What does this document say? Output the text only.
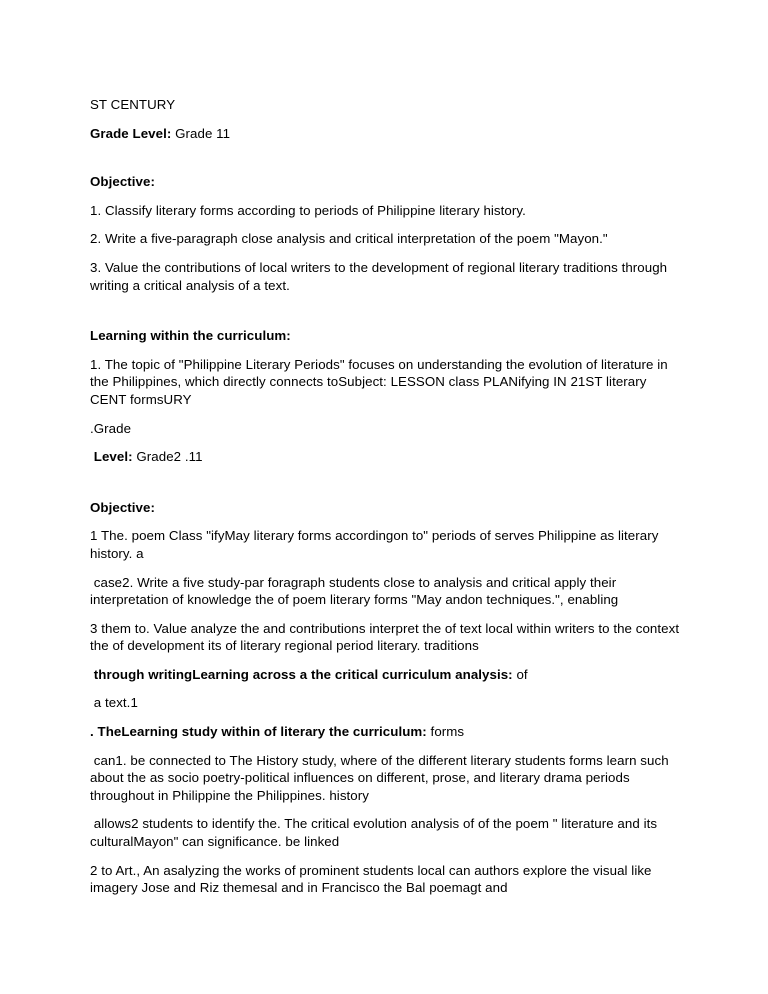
ST CENTURY

Grade Level: Grade 11

Objective:

1. Classify literary forms according to periods of Philippine literary history.

2. Write a five-paragraph close analysis and critical interpretation of the poem "Mayon."

3. Value the contributions of local writers to the development of regional literary traditions through writing a critical analysis of a text.

Learning within the curriculum:

1. The topic of "Philippine Literary Periods" focuses on understanding the evolution of literature in the Philippines, which directly connects toSubject: LESSON class PLANifying IN 21ST literary CENT formsURY

.Grade

Level: Grade2 .11

Objective:

1 The. poem Class "ifyMay literary forms accordingon to" periods of serves Philippine as literary history. a

case2. Write a five study-par foragraph students close to analysis and critical apply their interpretation of knowledge the of poem literary forms "May andon techniques.", enabling

3 them to. Value analyze the and contributions interpret the of text local within writers to the context the of development its of literary regional period literary. traditions

through writingLearning across a the critical curriculum analysis: of

a text.1

. TheLearning study within of literary the curriculum: forms

can1. be connected to The History study, where of the different literary students forms learn such about the as socio poetry-political influences on different, prose, and literary drama periods throughout in Philippine the Philippines. history

allows2 students to identify the. The critical evolution analysis of of the poem " literature and its culturalMayon" can significance. be linked

2 to Art., An asalyzing the works of prominent students local can authors explore the visual like imagery Jose and Riz themesal and in Francisco the Bal poemagt and
